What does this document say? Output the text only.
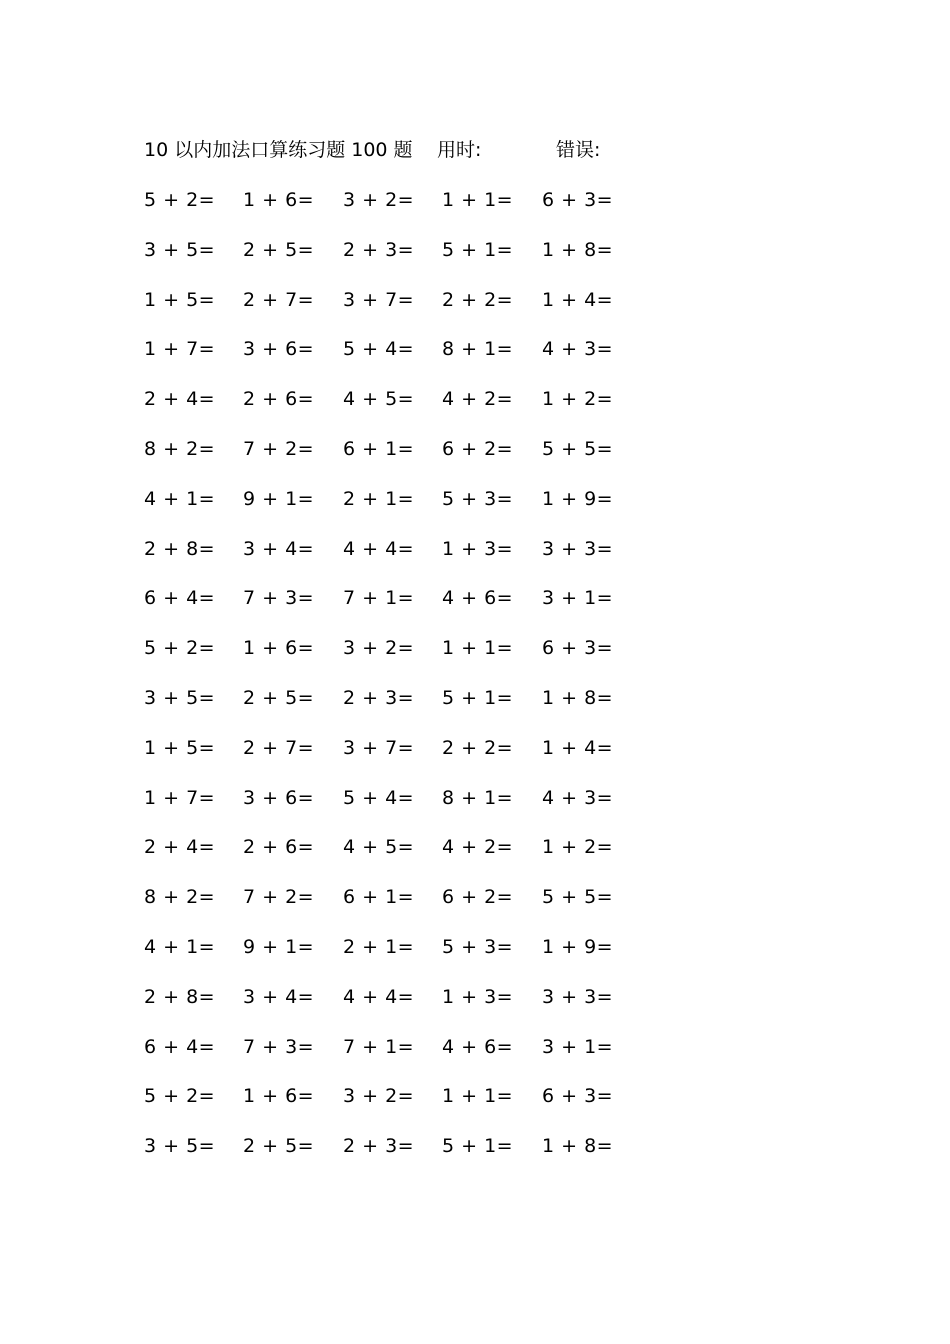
10 以内加法口算练习题 100 题 用时:	错误:
5 + 2= 1 + 6= 3 + 2= 1 + 1= 6 + 3=
3 + 5= 2 + 5= 2 + 3= 5 + 1= 1 + 8=
1 + 5= 2 + 7= 3 + 7= 2 + 2= 1 + 4=
1 + 7= 3 + 6= 5 + 4= 8 + 1= 4 + 3=
2 + 4= 2 + 6= 4 + 5= 4 + 2= 1 + 2=
8 + 2= 7 + 2= 6 + 1= 6 + 2= 5 + 5=
4 + 1= 9 + 1= 2 + 1= 5 + 3= 1 + 9=
2 + 8= 3 + 4= 4 + 4= 1 + 3= 3 + 3=
6 + 4= 7 + 3= 7 + 1= 4 + 6= 3 + 1=
5 + 2= 1 + 6= 3 + 2= 1 + 1= 6 + 3=
3 + 5= 2 + 5= 2 + 3= 5 + 1= 1 + 8=
1 + 5= 2 + 7= 3 + 7= 2 + 2= 1 + 4=
1 + 7= 3 + 6= 5 + 4= 8 + 1= 4 + 3=
2 + 4= 2 + 6= 4 + 5= 4 + 2= 1 + 2=
8 + 2= 7 + 2= 6 + 1= 6 + 2= 5 + 5=
4 + 1= 9 + 1= 2 + 1= 5 + 3= 1 + 9=
2 + 8= 3 + 4= 4 + 4= 1 + 3= 3 + 3=
6 + 4= 7 + 3= 7 + 1= 4 + 6= 3 + 1=
5 + 2= 1 + 6= 3 + 2= 1 + 1= 6 + 3=
3 + 5= 2 + 5= 2 + 3= 5 + 1= 1 + 8=
